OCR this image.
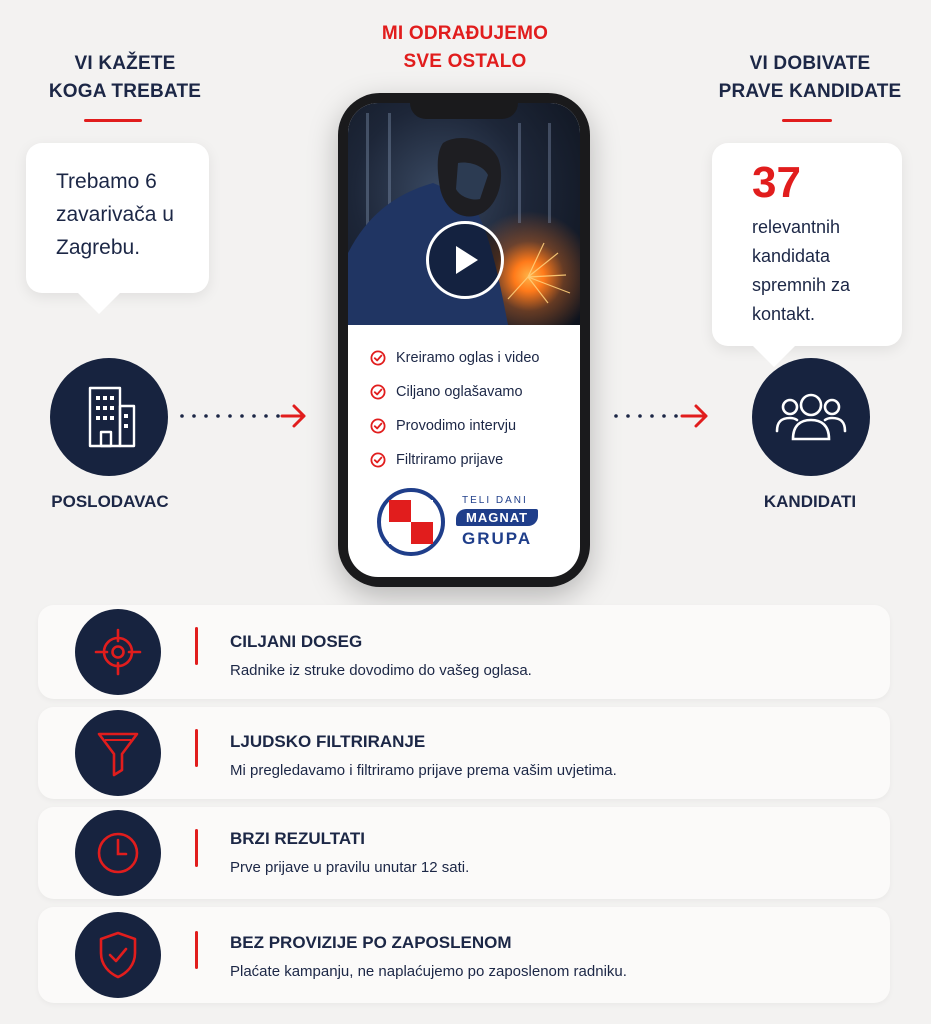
VI KAŽETE
KOGA TREBATE
MI ODRAĐUJEMO
SVE OSTALO	VI DOBIVATE
PRAVE KANDIDATE
Trebamo 6 zavarivača u Zagrebu.
37
relevantnih kandidata spremnih za kontakt.
POSLODAVAC	KANDIDATI
Kreiramo oglas i video
Ciljano oglašavamo
Provodimo intervju
Filtriramo prijave
TELI DANI
MAGNAT
GRUPA
CILJANI DOSEG
Radnike iz struke dovodimo do vašeg oglasa.
LJUDSKO FILTRIRANJE
Mi pregledavamo i filtriramo prijave prema vašim uvjetima.
BRZI REZULTATI
Prve prijave u pravilu unutar 12 sati.
BEZ PROVIZIJE PO ZAPOSLENOM
Plaćate kampanju, ne naplaćujemo po zaposlenom radniku.
